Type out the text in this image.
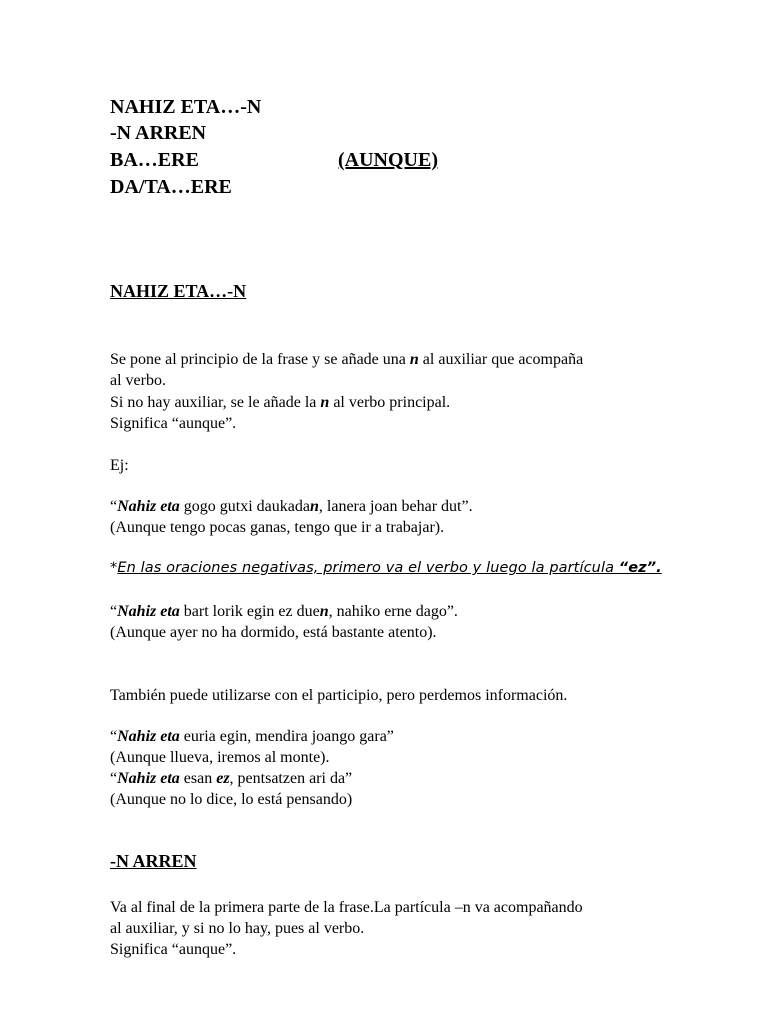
NAHIZ ETA…-N
-N ARREN
BA…ERE	(AUNQUE)
DA/TA…ERE
NAHIZ ETA…-N
Se pone al principio de la frase y se añade una n al auxiliar que acompaña
al verbo.
Si no hay auxiliar, se le añade la n al verbo principal.
Significa “aunque”.
Ej:
“Nahiz eta gogo gutxi daukadan, lanera joan behar dut”.
(Aunque tengo pocas ganas, tengo que ir a trabajar).
*En las oraciones negativas, primero va el verbo y luego la partícula “ez”.
“Nahiz eta bart lorik egin ez duen, nahiko erne dago”.
(Aunque ayer no ha dormido, está bastante atento).
También puede utilizarse con el participio, pero perdemos información.
“Nahiz eta euria egin, mendira joango gara”
(Aunque llueva, iremos al monte).
“Nahiz eta esan ez, pentsatzen ari da”
(Aunque no lo dice, lo está pensando)
-N ARREN
Va al final de la primera parte de la frase.La partícula –n va acompañando
al auxiliar, y si no lo hay, pues al verbo.
Significa “aunque”.
